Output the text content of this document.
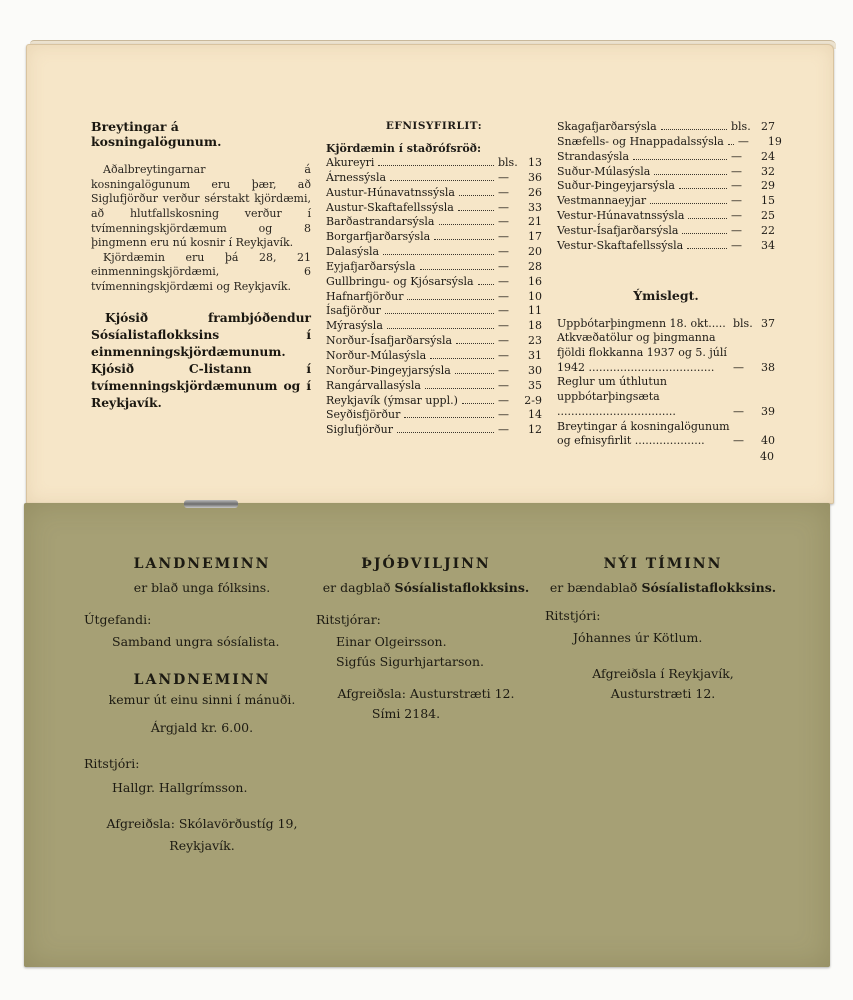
Breytingar á kosningalögunum.

Aðalbreytingarnar á kosningalögunum eru þær, að Siglufjörður verður sérstakt kjördæmi, að hlutfallskosning verður í tvímenningskjördæmum og 8 þingmenn eru nú kosnir í Reykjavík.

Kjördæmin eru þá 28, 21 einmenningskjördæmi, 6 tvímenningskjördæmi og Reykjavík.

Kjósið frambjóðendur Sósíalistaflokksins í einmenningskjördæmunum. Kjósið C-listann í tvímenningskjördæmunum og í Reykjavík.

EFNISYFIRLIT:
Kjördæmin í staðrófsröð:
Akureyri	bls. 13
Árnessýsla	—	36
Austur-Húnavatnssýsla	—	26
Austur-Skaftafellssýsla	—	33
Barðastrandarsýsla	—	21
Borgarfjarðarsýsla	—	17
Dalasýsla	—	20
Eyjafjarðarsýsla	—	28
Gullbringu- og Kjósarsýsla —	16
Hafnarfjörður	—	10
Ísafjörður	—	11
Mýrasýsla	—	18
Norður-Ísafjarðarsýsla	—	23
Norður-Múlasýsla	—	31
Norður-Þingeyjarsýsla	—	30
Rangárvallasýsla	—	35
Reykjavík (ýmsar uppl.)	—	2-9
Seyðisfjörður	—	14
Siglufjörður	—	12
Skagafjarðarsýsla	bls. 27
Snæfells- og Hnappadalssýsla —	19
Strandasýsla	—	24
Suður-Múlasýsla	—	32
Suður-Þingeyjarsýsla	—	29
Vestmannaeyjar	—	15
Vestur-Húnavatnssýsla	—	25
Vestur-Ísafjarðarsýsla	—	22
Vestur-Skaftafellssýsla	—	34
Ýmislegt.
Uppbótarþingmenn 18. okt..... bls. 37
Atkvæðatölur og þingmanna fjöldi flokkanna 1937 og 5. júlí 1942 ....................................	—	38
Reglur um úthlutun uppbótarþingsæta ..................................	—	39
Breytingar á kosningalögunum og efnisyfirlit ....................	—	40
40
LANDNEMINN
er blað unga fólksins.
Útgefandi:
Samband ungra sósíalista.
LANDNEMINN
kemur út einu sinni í mánuði.
Árgjald kr. 6.00.
Ritstjóri:
Hallgr. Hallgrímsson.
Afgreiðsla: Skólavörðustíg 19,
Reykjavík.
ÞJÓÐVILJINN
er dagblað Sósíalistaflokksins.
Ritstjórar:
Einar Olgeirsson.
Sigfús Sigurhjartarson.
Afgreiðsla: Austurstræti 12.
Sími 2184.
NÝI TÍMINN
er bændablað Sósíalistaflokksins.
Ritstjóri:
Jóhannes úr Kötlum.
Afgreiðsla í Reykjavík,
Austurstræti 12.
